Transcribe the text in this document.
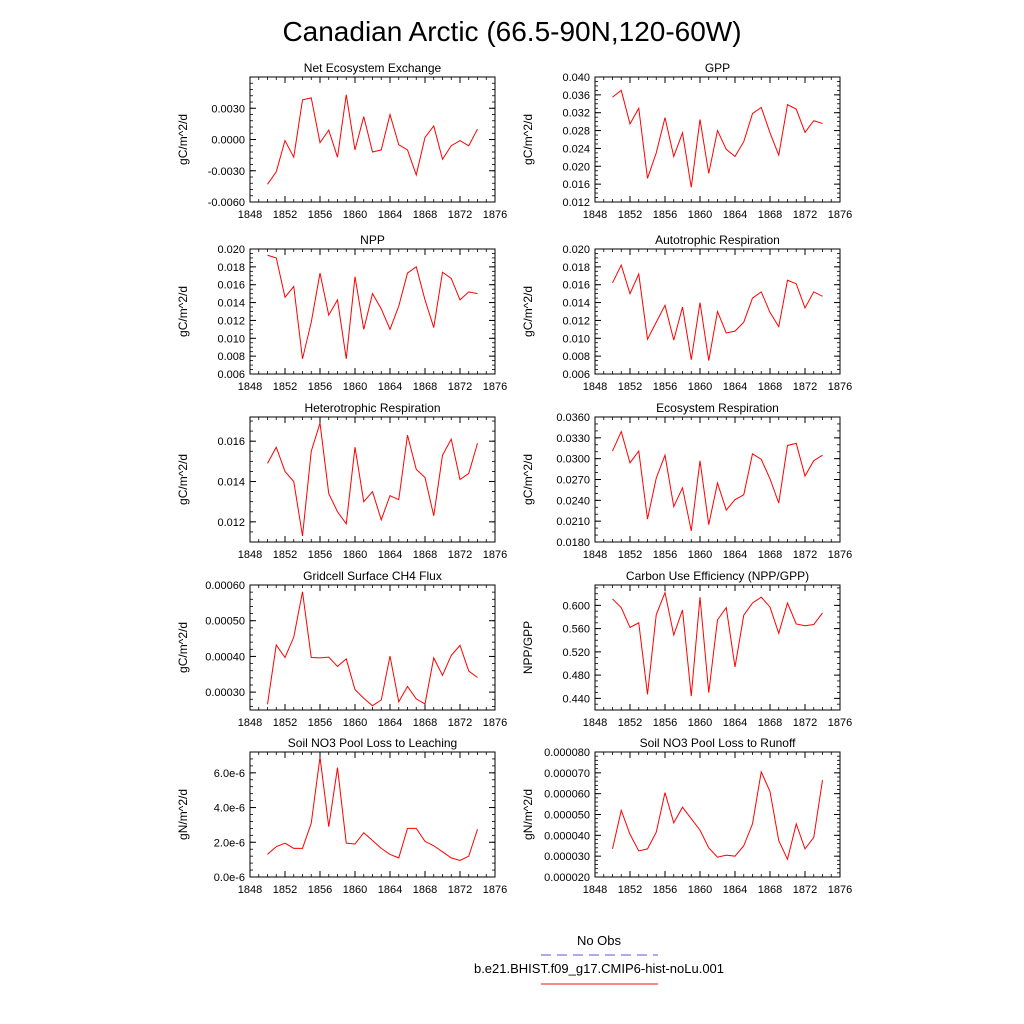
Canadian Arctic (66.5-90N,120-60W)
Net Ecosystem Exchange
gC/m^2/d
1848 1852 1856 1860 1864 1868 1872 1876
-0.0060
-0.0030
0.0000
0.0030
GPP
gC/m^2/d
1848 1852 1856 1860 1864 1868 1872 1876
0.012
0.016
0.020
0.024
0.028
0.032
0.036
0.040
NPP
gC/m^2/d
1848 1852 1856 1860 1864 1868 1872 1876
0.006
0.008
0.010
0.012
0.014
0.016
0.018
0.020
Autotrophic Respiration
gC/m^2/d
1848 1852 1856 1860 1864 1868 1872 1876
0.006
0.008
0.010
0.012
0.014
0.016
0.018
0.020
Heterotrophic Respiration
gC/m^2/d
1848 1852 1856 1860 1864 1868 1872 1876
0.012
0.014
0.016
Ecosystem Respiration
gC/m^2/d
1848 1852 1856 1860 1864 1868 1872 1876
0.0180
0.0210
0.0240
0.0270
0.0300
0.0330
0.0360
Gridcell Surface CH4 Flux
gC/m^2/d
1848 1852 1856 1860 1864 1868 1872 1876
0.00030
0.00040
0.00050
0.00060
Carbon Use Efficiency (NPP/GPP)
NPP/GPP
1848 1852 1856 1860 1864 1868 1872 1876
0.440
0.480
0.520
0.560
0.600
Soil NO3 Pool Loss to Leaching
gN/m^2/d
1848 1852 1856 1860 1864 1868 1872 1876
0.0e-6
2.0e-6
4.0e-6
6.0e-6
Soil NO3 Pool Loss to Runoff
gN/m^2/d
1848 1852 1856 1860 1864 1868 1872 1876
0.000020
0.000030
0.000040
0.000050
0.000060
0.000070
0.000080
No Obs
b.e21.BHIST.f09_g17.CMIP6-hist-noLu.001
